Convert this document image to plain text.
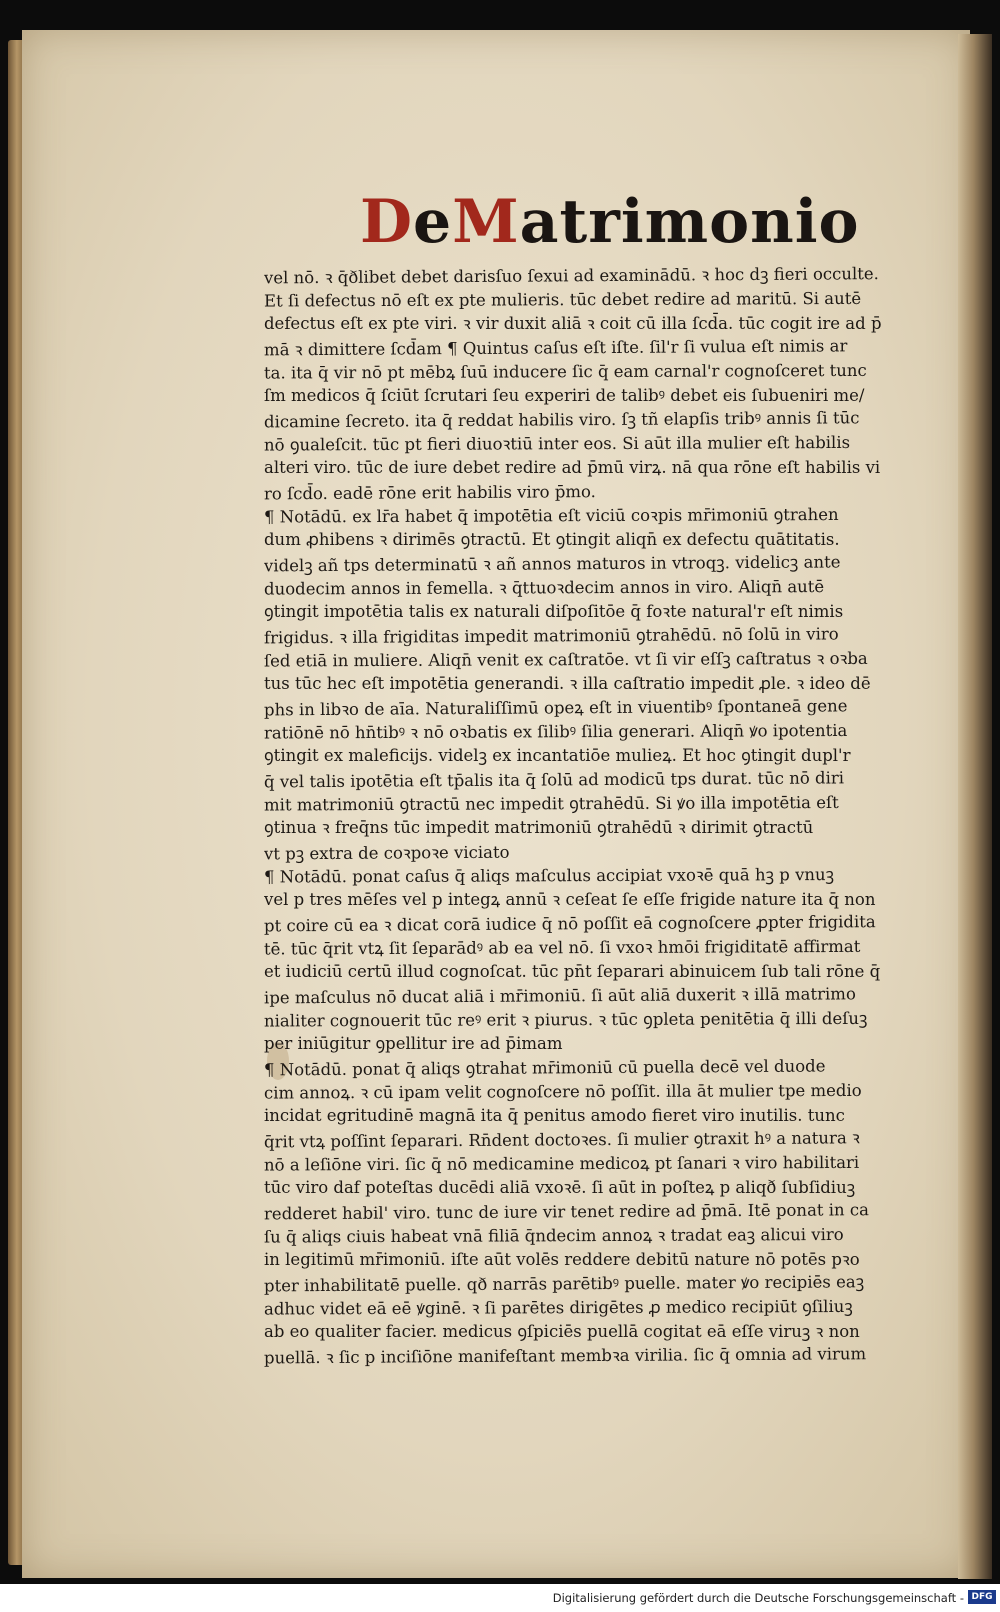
D e M atrimonio
vel nō. ꝛ q̄ðlibet debet darisſuo ſexui ad examinādū. ꝛ hoc dꝫ fieri occulte.
Et ſi defectus nō eſt ex pte mulieris. tūc debet redire ad maritū. Si autē
defectus eſt ex pte viri. ꝛ vir duxit aliā ꝛ coit cū illa ſcd̄a. tūc cogit ire ad p̄
mā ꝛ dimittere ſcd̄am ¶ Quintus caſus eſt iſte. ſil'r ſi vulua eſt nimis ar
ta. ita q̄ vir nō pt mēbꝝ ſuū inducere ſic q̄ eam carnal'r cognoſceret tunc
ſm medicos q̄ ſciūt ſcrutari ſeu experiri de talibꝰ debet eis ſubueniri me/
dicamine ſecreto. ita q̄ reddat habilis viro. ſꝫ tñ elapſis tribꝰ annis ſi tūc
nō ꝯualeſcit. tūc pt fieri diuoꝛtiū inter eos. Si aūt illa mulier eſt habilis
alteri viro. tūc de iure debet redire ad p̄mū virꝝ. nā qua rōne eſt habilis vi
ro ſcd̄o. eadē rōne erit habilis viro p̄mo.
¶ Notādū. ex lr̄a habet q̄ impotētia eſt viciū coꝛpis mr̄imoniū ꝯtrahen
dum ꝓhibens ꝛ dirimēs ꝯtractū. Et ꝯtingit aliqn̄ ex defectu quātitatis.
videlꝫ añ tps determinatū ꝛ añ annos maturos in vtroqꝫ. videlicꝫ ante
duodecim annos in femella. ꝛ q̄ttuoꝛdecim annos in viro. Aliqn̄ autē
ꝯtingit impotētia talis ex naturali diſpoſitōe q̄ foꝛte natural'r eſt nimis
frigidus. ꝛ illa frigiditas impedit matrimoniū ꝯtrahēdū. nō ſolū in viro
ſed etiā in muliere. Aliqn̄ venit ex caſtratōe. vt ſi vir eſſꝫ caſtratus ꝛ oꝛba
tus tūc hec eſt impotētia generandi. ꝛ illa caſtratio impedit ꝓle. ꝛ ideo dē
phs in libꝛo de aīa. Naturaliſſimū opeꝝ eſt in viuentibꝰ ſpontaneā gene
ratiōnē nō hn̄tibꝰ ꝛ nō oꝛbatis ex ſilibꝰ ſilia generari. Aliqn̄ ꝟo ipotentia
ꝯtingit ex maleficijs. videlꝫ ex incantatiōe mulieꝝ. Et hoc ꝯtingit dupl'r
q̄ vel talis ipotētia eſt tp̄alis ita q̄ ſolū ad modicū tps durat. tūc nō diri
mit matrimoniū ꝯtractū nec impedit ꝯtrahēdū. Si ꝟo illa impotētia eſt
ꝯtinua ꝛ freq̄ns tūc impedit matrimoniū ꝯtrahēdū ꝛ dirimit ꝯtractū
vt pꝫ extra de coꝛpoꝛe viciato
¶ Notādū. ponat caſus q̄ aliqs maſculus accipiat vxoꝛē quā hꝫ p vnuꝫ
vel p tres mēſes vel p integꝝ annū ꝛ ceſeat ſe eſſe frigide nature ita q̄ non
pt coire cū ea ꝛ dicat corā iudice q̄ nō poſſit eā cognoſcere ꝓpter frigidita
tē. tūc q̄rit vtꝝ ſit ſeparādꝰ ab ea vel nō. ſi vxoꝛ hmōi frigiditatē affirmat
et iudiciū certū illud cognoſcat. tūc pn̄t ſeparari abinuicem ſub tali rōne q̄
ipe maſculus nō ducat aliā i mr̄imoniū. ſi aūt aliā duxerit ꝛ illā matrimo
nialiter cognouerit tūc reꝰ erit ꝛ piurus. ꝛ tūc ꝯpleta penitētia q̄ illi deſuꝫ
per iniūgitur ꝯpellitur ire ad p̄imam
¶ Notādū. ponat q̄ aliqs ꝯtrahat mr̄imoniū cū puella decē vel duode
cim annoꝝ. ꝛ cū ipam velit cognoſcere nō poſſit. illa āt mulier tpe medio
incidat egritudinē magnā ita q̄ penitus amodo fieret viro inutilis. tunc
q̄rit vtꝝ poſſint ſeparari. Rn̄dent doctoꝛes. ſi mulier ꝯtraxit hꝰ a natura ꝛ
nō a leſiōne viri. ſic q̄ nō medicamine medicoꝝ pt ſanari ꝛ viro habilitari
tūc viro daf poteſtas ducēdi aliā vxoꝛē. ſi aūt in poſteꝝ p aliqð ſubſidiuꝫ
redderet habil' viro. tunc de iure vir tenet redire ad p̄mā. Itē ponat in ca
ſu q̄ aliqs ciuis habeat vnā filiā q̄ndecim annoꝝ ꝛ tradat eaꝫ alicui viro
in legitimū mr̄imoniū. iſte aūt volēs reddere debitū nature nō potēs pꝛo
pter inhabilitatē puelle. qð narrās parētibꝰ puelle. mater ꝟo recipiēs eaꝫ
adhuc videt eā eē ꝟginē. ꝛ ſi parētes dirigētes ꝓ medico recipiūt ꝯſiliuꝫ
ab eo qualiter facier. medicus ꝯſpiciēs puellā cogitat eā eſſe viruꝫ ꝛ non
puellā. ꝛ ſic p inciſiōne manifeſtant membꝛa virilia. ſic q̄ omnia ad virum
Digitalisierung gefördert durch die Deutsche Forschungsgemeinschaft - DFG
